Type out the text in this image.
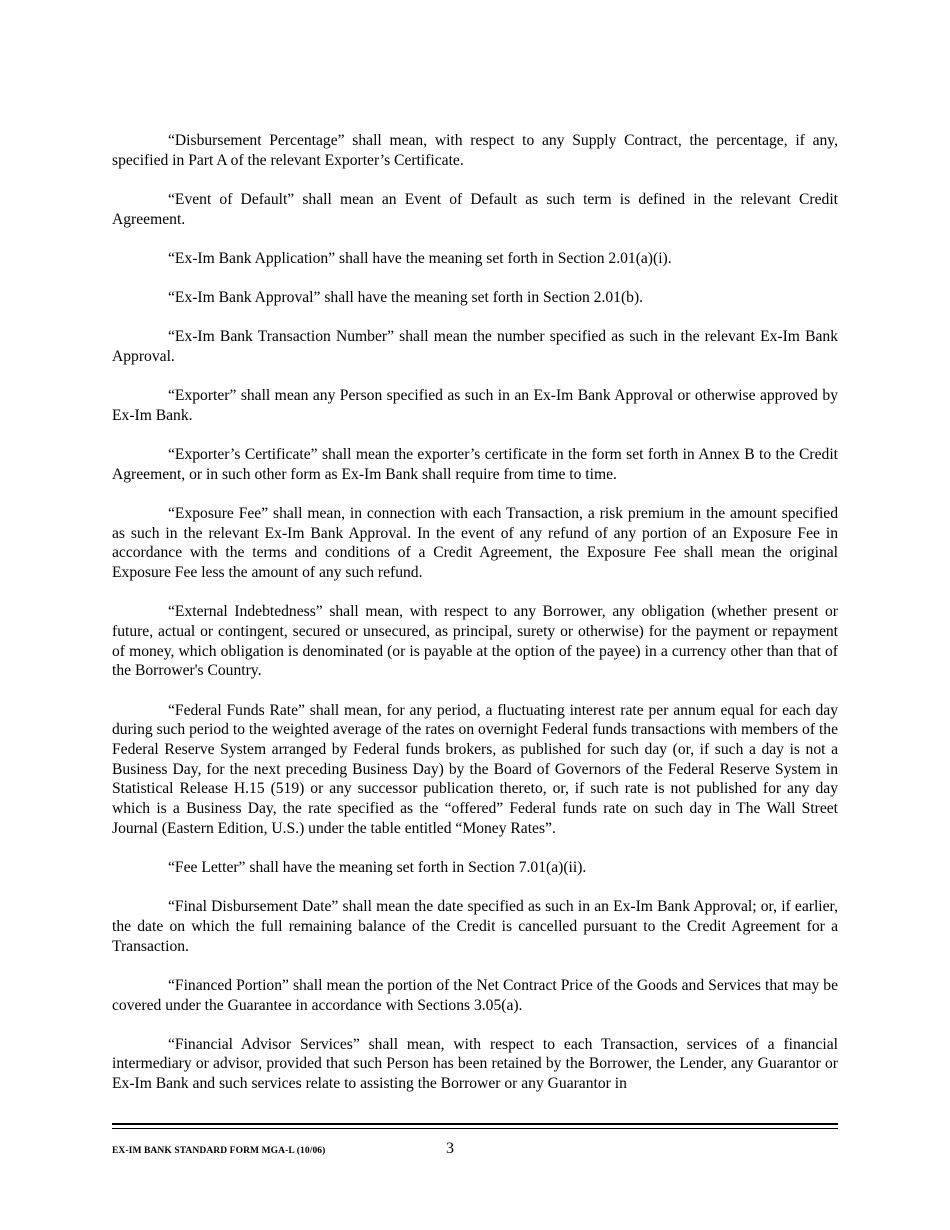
“Disbursement Percentage” shall mean, with respect to any Supply Contract, the percentage, if any, specified in Part A of the relevant Exporter’s Certificate.

“Event of Default” shall mean an Event of Default as such term is defined in the relevant Credit Agreement.

“Ex-Im Bank Application” shall have the meaning set forth in Section 2.01(a)(i).

“Ex-Im Bank Approval” shall have the meaning set forth in Section 2.01(b).

“Ex-Im Bank Transaction Number” shall mean the number specified as such in the relevant Ex-Im Bank Approval.

“Exporter” shall mean any Person specified as such in an Ex-Im Bank Approval or otherwise approved by Ex-Im Bank.

“Exporter’s Certificate” shall mean the exporter’s certificate in the form set forth in Annex B to the Credit Agreement, or in such other form as Ex-Im Bank shall require from time to time.

“Exposure Fee” shall mean, in connection with each Transaction, a risk premium in the amount specified as such in the relevant Ex-Im Bank Approval. In the event of any refund of any portion of an Exposure Fee in accordance with the terms and conditions of a Credit Agreement, the Exposure Fee shall mean the original Exposure Fee less the amount of any such refund.

“External Indebtedness” shall mean, with respect to any Borrower, any obligation (whether present or future, actual or contingent, secured or unsecured, as principal, surety or otherwise) for the payment or repayment of money, which obligation is denominated (or is payable at the option of the payee) in a currency other than that of the Borrower's Country.

“Federal Funds Rate” shall mean, for any period, a fluctuating interest rate per annum equal for each day during such period to the weighted average of the rates on overnight Federal funds transactions with members of the Federal Reserve System arranged by Federal funds brokers, as published for such day (or, if such a day is not a Business Day, for the next preceding Business Day) by the Board of Governors of the Federal Reserve System in Statistical Release H.15 (519) or any successor publication thereto, or, if such rate is not published for any day which is a Business Day, the rate specified as the “offered” Federal funds rate on such day in The Wall Street Journal (Eastern Edition, U.S.) under the table entitled “Money Rates”.

“Fee Letter” shall have the meaning set forth in Section 7.01(a)(ii).

“Final Disbursement Date” shall mean the date specified as such in an Ex-Im Bank Approval; or, if earlier, the date on which the full remaining balance of the Credit is cancelled pursuant to the Credit Agreement for a Transaction.

“Financed Portion” shall mean the portion of the Net Contract Price of the Goods and Services that may be covered under the Guarantee in accordance with Sections 3.05(a).

“Financial Advisor Services” shall mean, with respect to each Transaction, services of a financial intermediary or advisor, provided that such Person has been retained by the Borrower, the Lender, any Guarantor or Ex-Im Bank and such services relate to assisting the Borrower or any Guarantor in

EX-IM BANK STANDARD FORM MGA-L (10/06)	3
